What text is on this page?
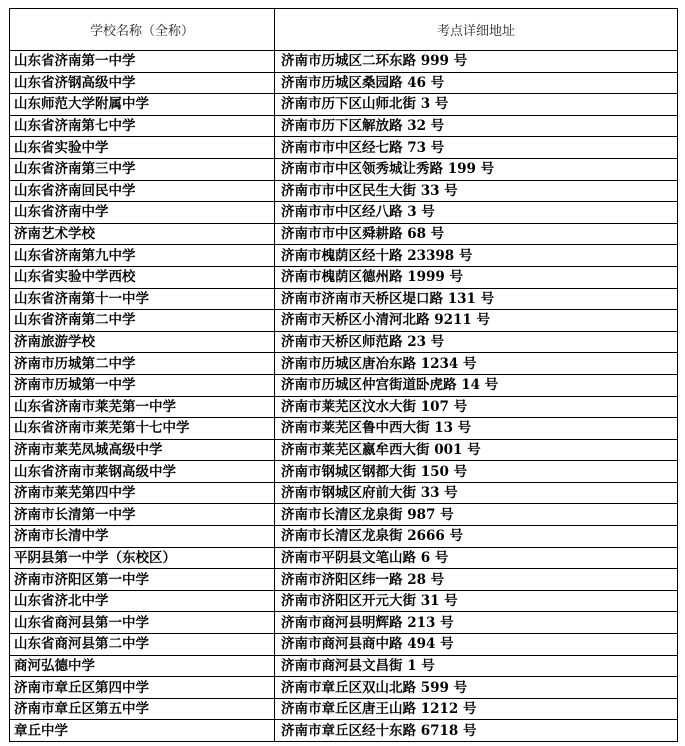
学校名称（全称）	考点详细地址
山东省济南第一中学	济南市历城区二环东路 999 号
山东省济钢高级中学	济南市历城区桑园路 46 号
山东师范大学附属中学	济南市历下区山师北街 3 号
山东省济南第七中学	济南市历下区解放路 32 号
山东省实验中学	济南市市中区经七路 73 号
山东省济南第三中学	济南市市中区领秀城让秀路 199 号
山东省济南回民中学	济南市市中区民生大街 33 号
山东省济南中学	济南市市中区经八路 3 号
济南艺术学校	济南市市中区舜耕路 68 号
山东省济南第九中学	济南市槐荫区经十路 23398 号
山东省实验中学西校	济南市槐荫区德州路 1999 号
山东省济南第十一中学	济南市济南市天桥区堤口路 131 号
山东省济南第二中学	济南市天桥区小清河北路 9211 号
济南旅游学校	济南市天桥区师范路 23 号
济南市历城第二中学	济南市历城区唐冶东路 1234 号
济南市历城第一中学	济南市历城区仲宫街道卧虎路 14 号
山东省济南市莱芜第一中学	济南市莱芜区汶水大街 107 号
山东省济南市莱芜第十七中学	济南市莱芜区鲁中西大街 13 号
济南市莱芜凤城高级中学	济南市莱芜区嬴牟西大街 001 号
山东省济南市莱钢高级中学	济南市钢城区钢都大街 150 号
济南市莱芜第四中学	济南市钢城区府前大街 33 号
济南市长清第一中学	济南市长清区龙泉街 987 号
济南市长清中学	济南市长清区龙泉街 2666 号
平阴县第一中学（东校区）	济南市平阴县文笔山路 6 号
济南市济阳区第一中学	济南市济阳区纬一路 28 号
山东省济北中学	济南市济阳区开元大街 31 号
山东省商河县第一中学	济南市商河县明辉路 213 号
山东省商河县第二中学	济南市商河县商中路 494 号
商河弘德中学	济南市商河县文昌街 1 号
济南市章丘区第四中学	济南市章丘区双山北路 599 号
济南市章丘区第五中学	济南市章丘区唐王山路 1212 号
章丘中学	济南市章丘区经十东路 6718 号
